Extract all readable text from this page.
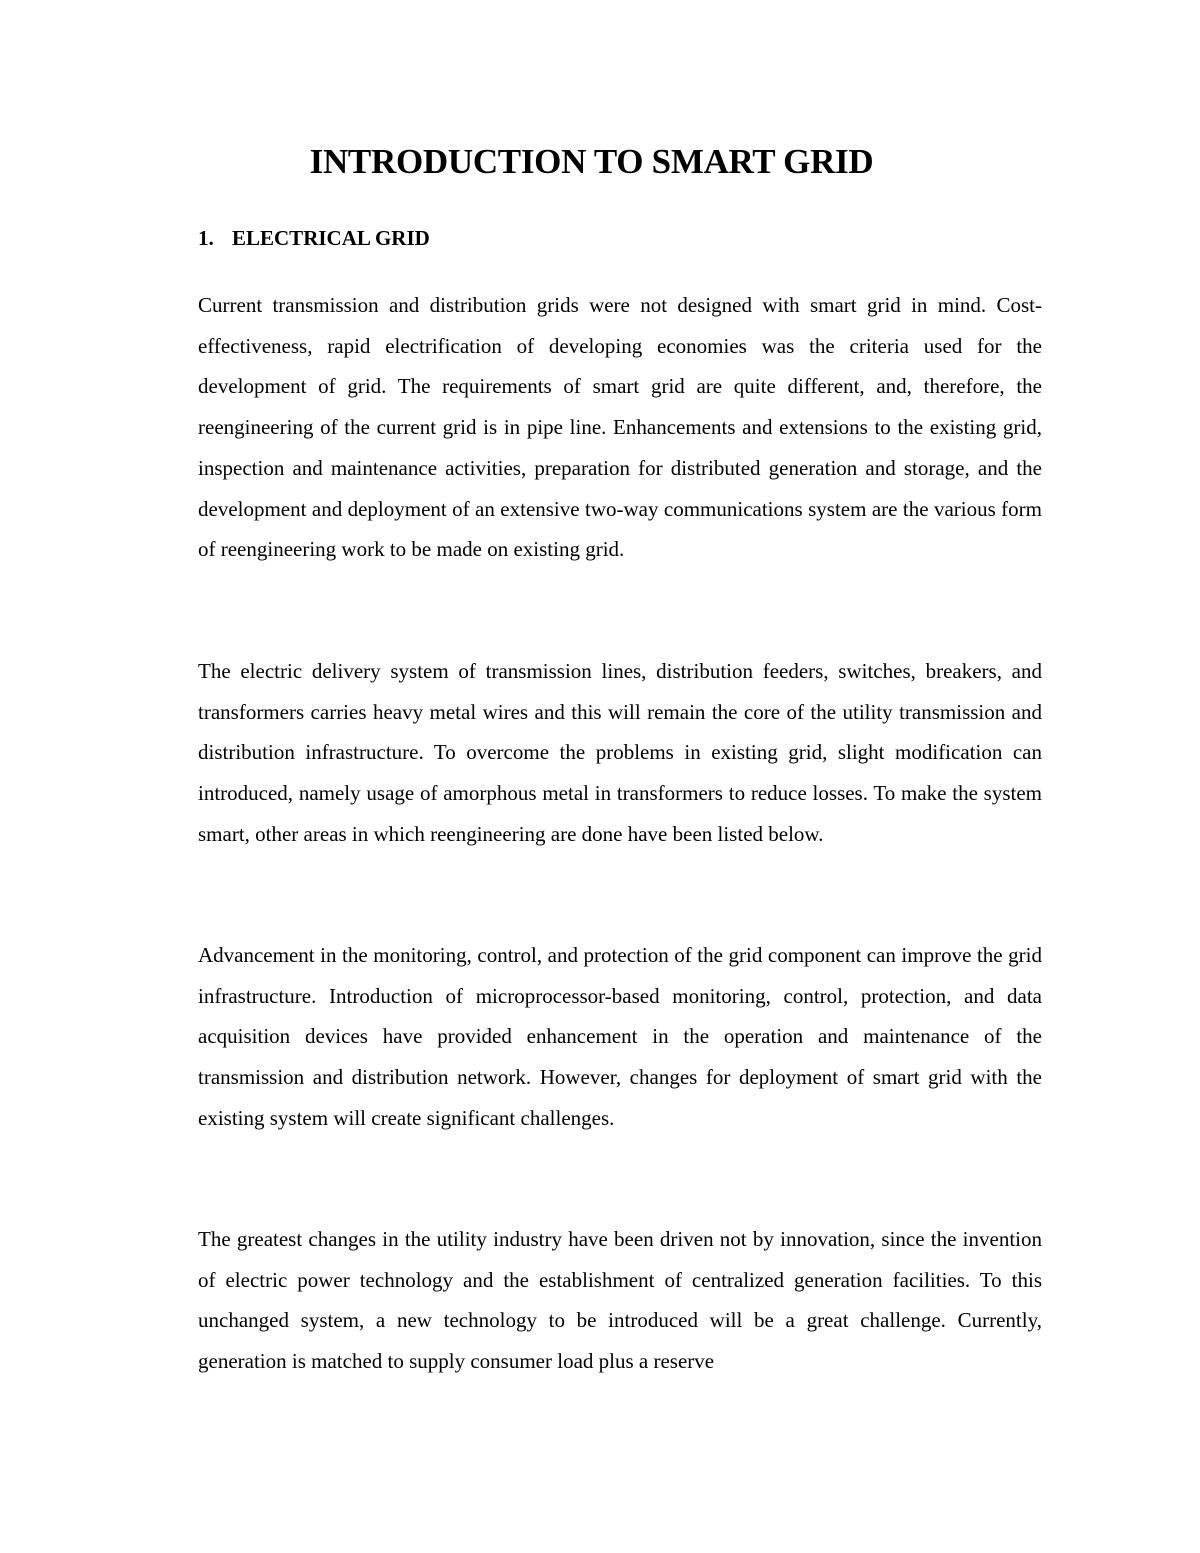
INTRODUCTION TO SMART GRID
1. ELECTRICAL GRID

Current transmission and distribution grids were not designed with smart grid in mind. Cost-effectiveness, rapid electrification of developing economies was the criteria used for the development of grid. The requirements of smart grid are quite different, and, therefore, the reengineering of the current grid is in pipe line. Enhancements and extensions to the existing grid, inspection and maintenance activities, preparation for distributed generation and storage, and the development and deployment of an extensive two-way communications system are the various form of reengineering work to be made on existing grid.

The electric delivery system of transmission lines, distribution feeders, switches, breakers, and transformers carries heavy metal wires and this will remain the core of the utility transmission and distribution infrastructure. To overcome the problems in existing grid, slight modification can introduced, namely usage of amorphous metal in transformers to reduce losses. To make the system smart, other areas in which reengineering are done have been listed below.

Advancement in the monitoring, control, and protection of the grid component can improve the grid infrastructure. Introduction of microprocessor-based monitoring, control, protection, and data acquisition devices have provided enhancement in the operation and maintenance of the transmission and distribution network. However, changes for deployment of smart grid with the existing system will create significant challenges.

The greatest changes in the utility industry have been driven not by innovation, since the invention of electric power technology and the establishment of centralized generation facilities. To this unchanged system, a new technology to be introduced will be a great challenge. Currently, generation is matched to supply consumer load plus a reserve
